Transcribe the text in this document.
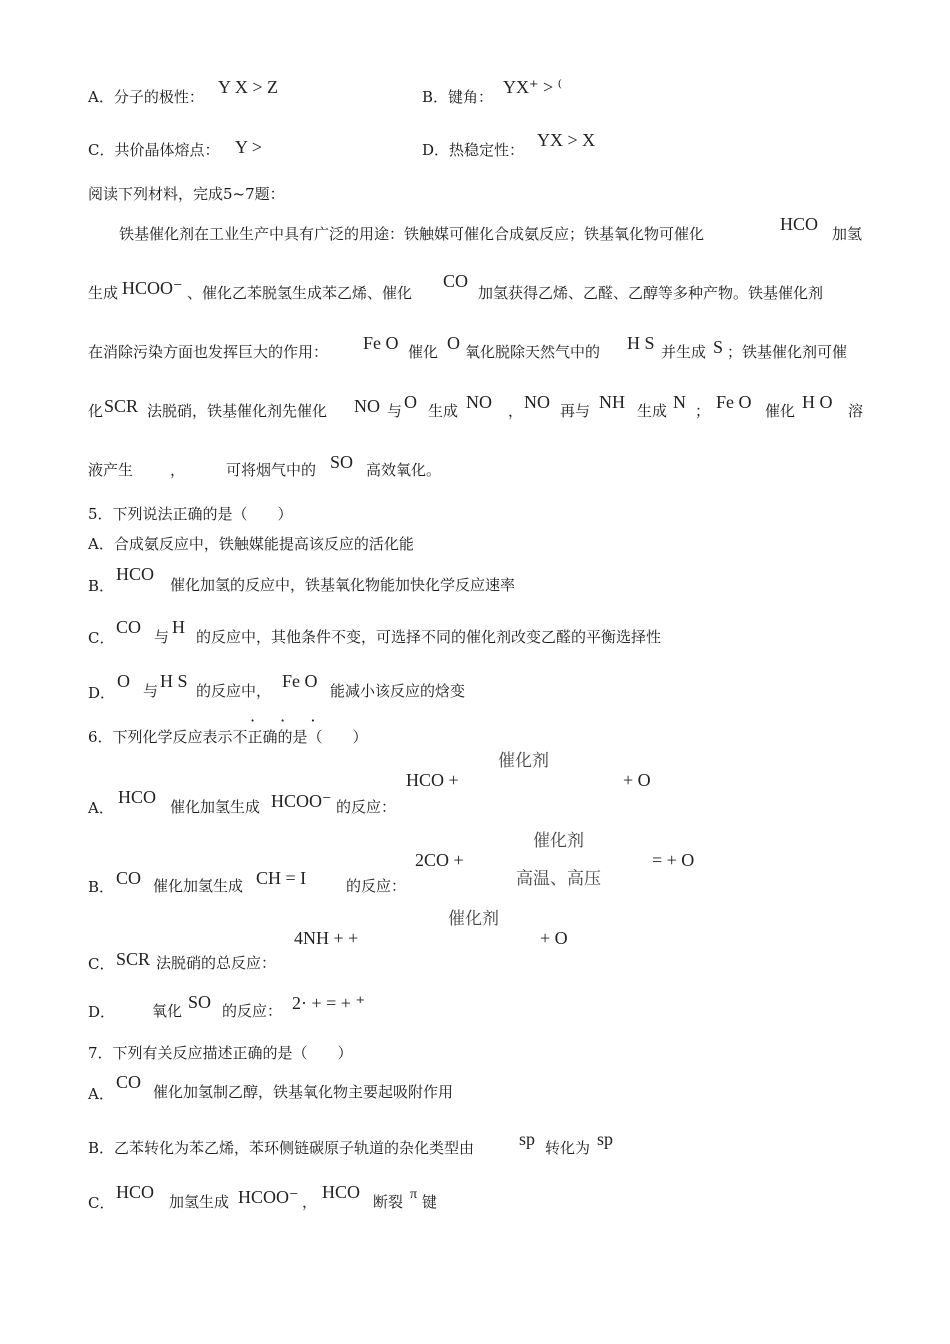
A．分子的极性： Y X > Z	B．键角： YX⁺ > ⁽
C．共价晶体熔点： Y >	D．热稳定性： YX > X
阅读下列材料，完成5~7题：
铁基催化剂在工业生产中具有广泛的用途：铁触媒可催化合成氨反应；铁基氧化物可催化	HCO 加氢
生成 HCOO⁻ 、催化乙苯脱氢生成苯乙烯、催化
CO
加氢获得乙烯、乙醛、乙醇等多种产物。铁基催化剂
在消除污染方面也发挥巨大的作用： Fe O 催化 O 氧化脱除天然气中的 H S 并生成 S ；铁基催化剂可催
化 SCR 法脱硝，铁基催化剂先催化 NO 与 O 生成 NO ， NO 再与 NH 生成 N ； Fe O 催化 H O 溶
液产生 ，	可将烟气中的 SO 高效氧化。
5．下列说法正确的是（　　）
A．合成氨反应中，铁触媒能提高该反应的活化能
B．
HCO
催化加氢的反应中，铁基氧化物能加快化学反应速率
C．
CO 与 H 的反应中，其他条件不变，可选择不同的催化剂改变乙醛的平衡选择性
D．
O 与 H S 的反应中， Fe O 能减小该反应的焓变
· · ·
6．下列化学反应表示不正确的是（　　）
催化剂
HCO +	+ O
A．
HCO 催化加氢生成 HCOO⁻ 的反应：
催化剂
2CO +	= + O
高温、高压
B． CO 催化加氢生成 CH = I	的反应：
催化剂
4NH + +	+ O
C． SCR 法脱硝的总反应：
D． 氧化 SO 的反应： 2· + = + ⁺
7．下列有关反应描述正确的是（　　）
A．
CO 催化加氢制乙醇，铁基氧化物主要起吸附作用
B．乙苯转化为苯乙烯，苯环侧链碳原子轨道的杂化类型由 sp 转化为 sp
C．
HCO 加氢生成 HCOO⁻ ， HCO 断裂 π 键
